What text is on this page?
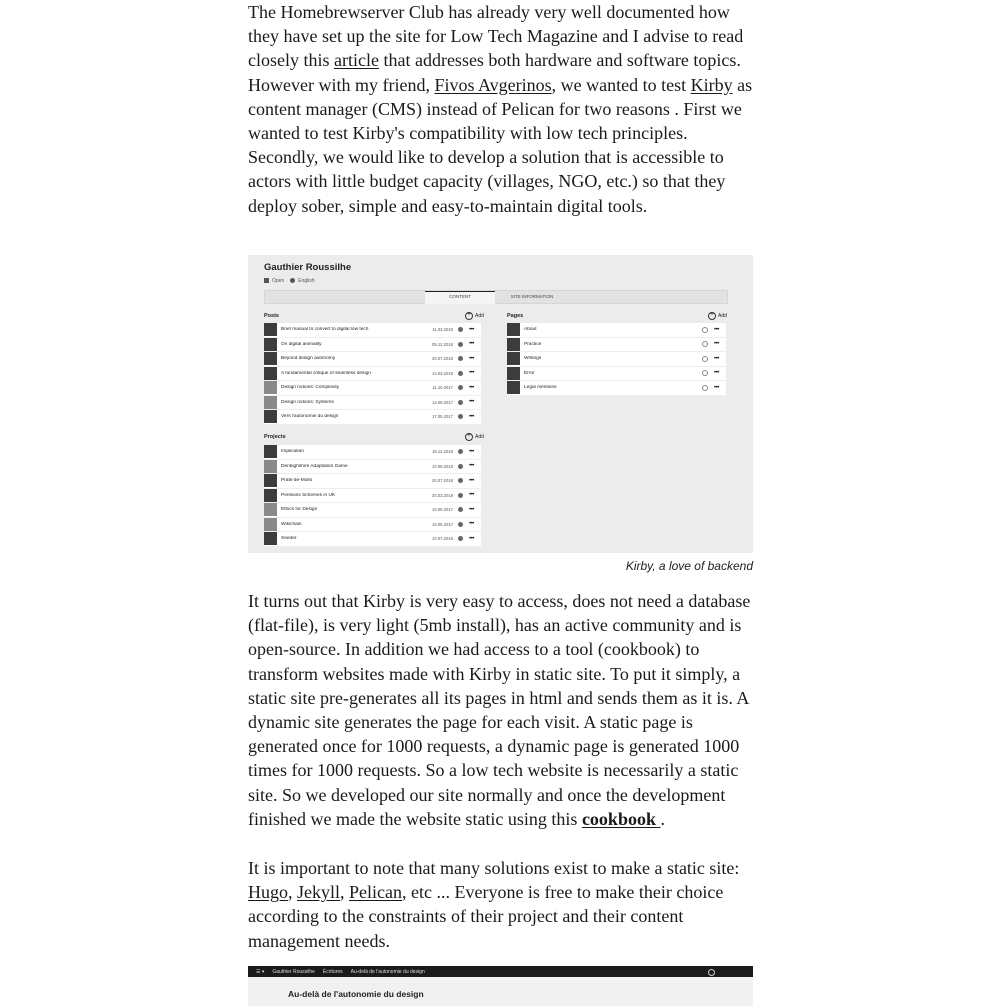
The Homebrewserver Club has already very well documented how they have set up the site for Low Tech Magazine and I advise to read closely this article that addresses both hardware and software topics. However with my friend, Fivos Avgerinos, we wanted to test Kirby as content manager (CMS) instead of Pelican for two reasons . First we wanted to test Kirby's compatibility with low tech principles. Secondly, we would like to develop a solution that is accessible to actors with little budget capacity (villages, NGO, etc.) so that they deploy sober, simple and easy-to-maintain digital tools.

Gauthier Roussilhe
Open	English
CONTENT	SITE INFORMATION
Posts	+ Add
Brief manual to convert to digital low tech	11.03.2019	•••
On digital animality	05.12.2018	•••
Beyond design autonomy	30.07.2018	•••
A fundamental critique of seamless design	14.03.2018	•••
Design notions: Complexity	11.10.2017	•••
Design notions: Systems	14.09.2017	•••
Vers l'autonomie du design	17.05.2017	•••
Pages	+ Add
About	•••
Practice	•••
Writings	•••
Error	•••
Legal mentions	•••
Projects	+ Add
Implication	18.12.2018	•••
Denbighshire Adaptation Game	10.09.2018	•••
Prats-de-Mollo	20.07.2018	•••
Pensions Schemes in UK	30.03.2018	•••
Ethics for Design	10.09.2017	•••
Wikichain	10.06.2017	•••
Seeder	10.07.2016	•••
Kirby, a love of backend

It turns out that Kirby is very easy to access, does not need a database (flat-file), is very light (5mb install), has an active community and is open-source. In addition we had access to a tool (cookbook) to transform websites made with Kirby in static site. To put it simply, a static site pre-generates all its pages in html and sends them as it is. A dynamic site generates the page for each visit. A static page is generated once for 1000 requests, a dynamic page is generated 1000 times for 1000 requests. So a low tech website is necessarily a static site. So we developed our site normally and once the development finished we made the website static using this cookbook .

It is important to note that many solutions exist to make a static site: Hugo, Jekyll, Pelican, etc ... Everyone is free to make their choice according to the constraints of their project and their content management needs.

☰ ▾ Gauthier Roussilhe Écritures Au-delà de l'autonomie du design
Au-delà de l'autonomie du design
